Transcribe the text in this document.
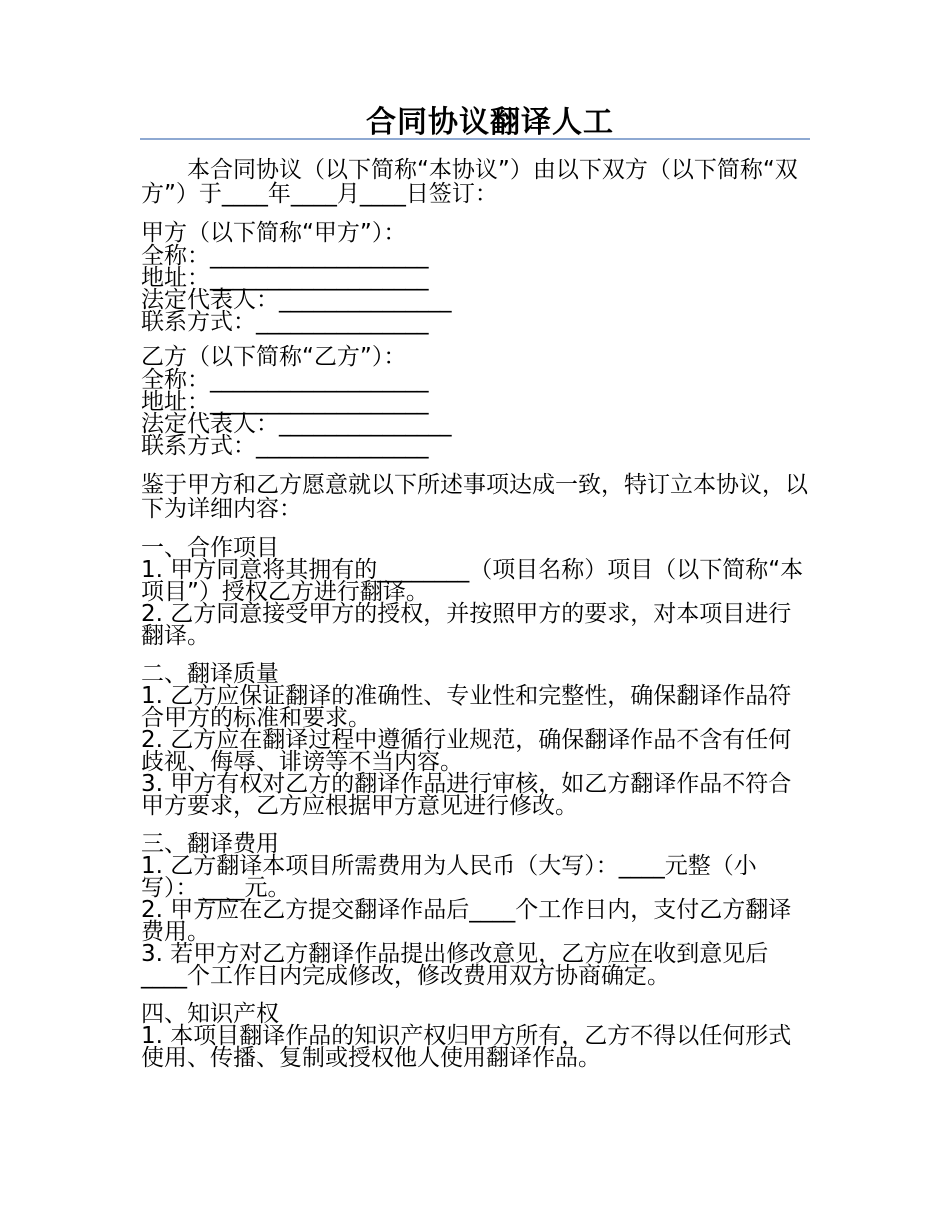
合同协议翻译人工

本合同协议（以下简称“本协议”）由以下双方（以下简称“双方”）于____年____月____日签订：

甲方（以下简称“甲方”）：

全称：___________________

地址：___________________

法定代表人：_______________

联系方式：_______________

乙方（以下简称“乙方”）：

全称：___________________

地址：___________________

法定代表人：_______________

联系方式：_______________

鉴于甲方和乙方愿意就以下所述事项达成一致，特订立本协议，以下为详细内容：

一、合作项目

1. 甲方同意将其拥有的________（项目名称）项目（以下简称“本项目”）授权乙方进行翻译。

2. 乙方同意接受甲方的授权，并按照甲方的要求，对本项目进行翻译。

二、翻译质量

1. 乙方应保证翻译的准确性、专业性和完整性，确保翻译作品符合甲方的标准和要求。

2. 乙方应在翻译过程中遵循行业规范，确保翻译作品不含有任何歧视、侮辱、诽谤等不当内容。

3. 甲方有权对乙方的翻译作品进行审核，如乙方翻译作品不符合甲方要求，乙方应根据甲方意见进行修改。

三、翻译费用

1. 乙方翻译本项目所需费用为人民币（大写）：____元整（小写）：____元。

2. 甲方应在乙方提交翻译作品后____个工作日内，支付乙方翻译费用。

3. 若甲方对乙方翻译作品提出修改意见，乙方应在收到意见后____个工作日内完成修改，修改费用双方协商确定。

四、知识产权

1. 本项目翻译作品的知识产权归甲方所有，乙方不得以任何形式使用、传播、复制或授权他人使用翻译作品。
